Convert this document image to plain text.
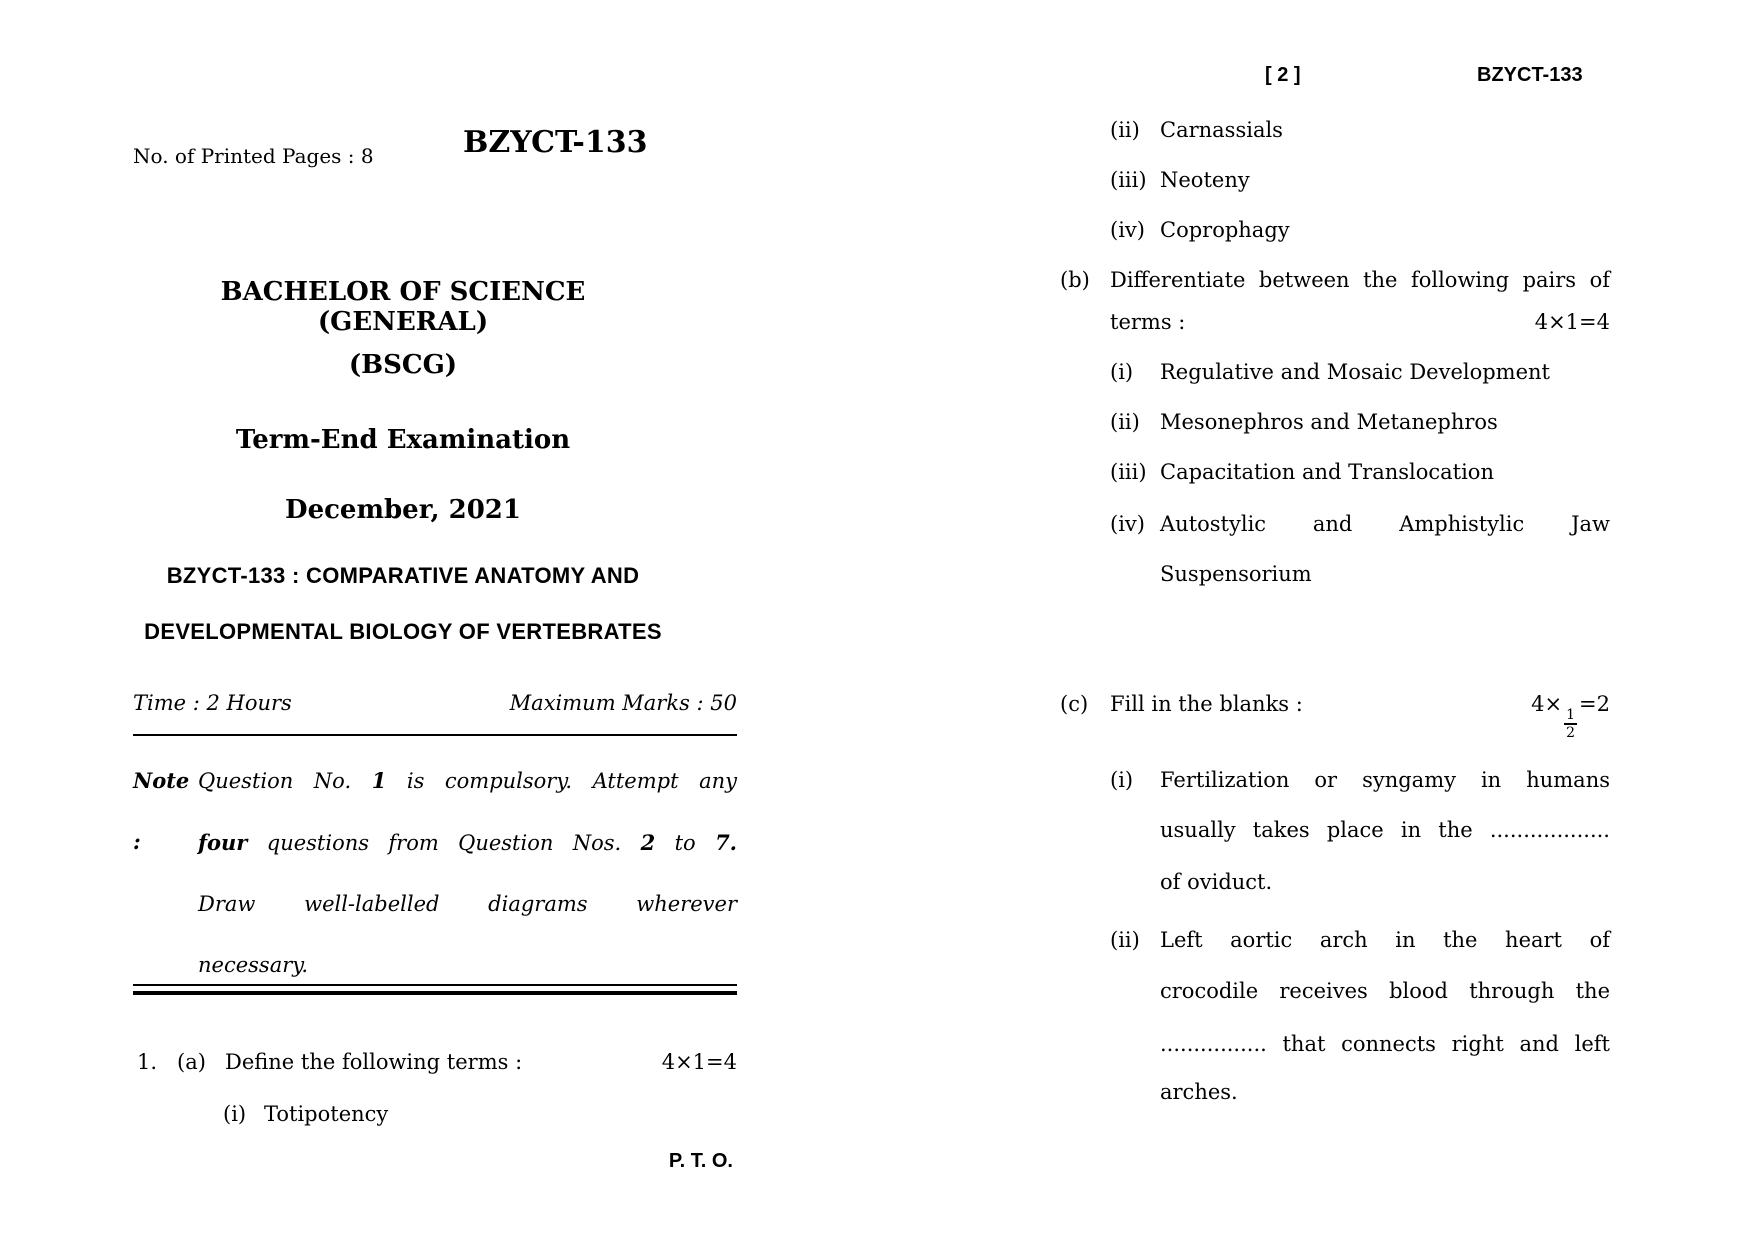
No. of Printed Pages : 8	BZYCT-133
BACHELOR OF SCIENCE (GENERAL)
(BSCG)
Term-End Examination
December, 2021
BZYCT-133 : COMPARATIVE ANATOMY AND
DEVELOPMENTAL BIOLOGY OF VERTEBRATES
Time : 2 Hours	Maximum Marks : 50
Note :
Question No. 1 is compulsory. Attempt any
four questions from Question Nos. 2 to 7.
Draw well-labelled diagrams wherever
necessary.
1. (a) Define the following terms :	4×1=4
(i) Totipotency
P. T. O.
[ 2 ]	BZYCT-133
(ii) Carnassials
(iii) Neoteny
(iv) Coprophagy
(b) Differentiate between the following pairs of
terms :	4×1=4
(i) Regulative and Mosaic Development
(ii) Mesonephros and Metanephros
(iii) Capacitation and Translocation
(iv) Autostylic and Amphistylic Jaw
Suspensorium
(c) Fill in the blanks :	4×
$\frac{1}{2}$
=2
(i) Fertilization or syngamy in humans
usually takes place in the ..................
of oviduct.
(ii) Left aortic arch in the heart of
crocodile receives blood through the
................ that connects right and left
arches.
